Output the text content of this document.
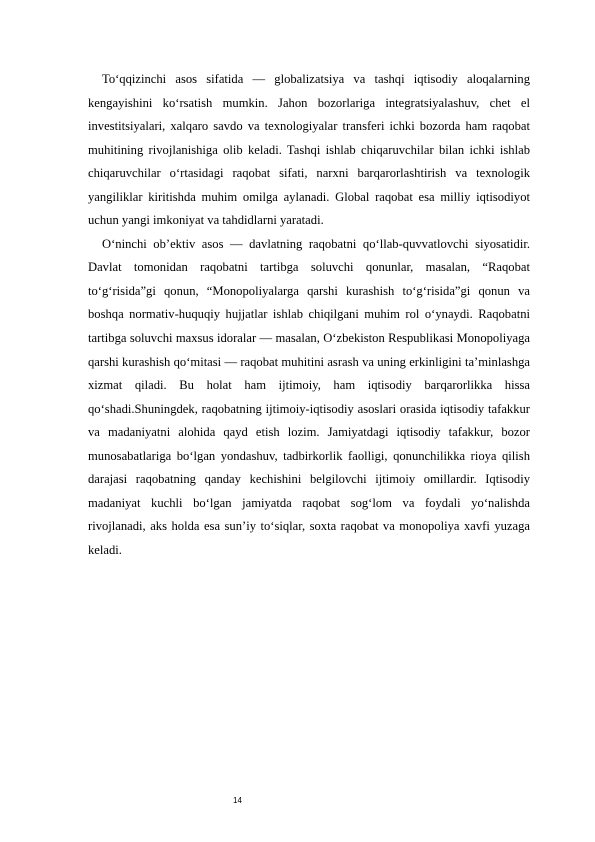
To‘qqizinchi asos sifatida — globalizatsiya va tashqi iqtisodiy aloqalarning kengayishini ko‘rsatish mumkin. Jahon bozorlariga integratsiyalashuv, chet el investitsiyalari, xalqaro savdo va texnologiyalar transferi ichki bozorda ham raqobat muhitining rivojlanishiga olib keladi. Tashqi ishlab chiqaruvchilar bilan ichki ishlab chiqaruvchilar o‘rtasidagi raqobat sifati, narxni barqarorlashtirish va texnologik yangiliklar kiritishda muhim omilga aylanadi. Global raqobat esa milliy iqtisodiyot uchun yangi imkoniyat va tahdidlarni yaratadi.

O‘ninchi ob’ektiv asos — davlatning raqobatni qo‘llab-quvvatlovchi siyosatidir. Davlat tomonidan raqobatni tartibga soluvchi qonunlar, masalan, “Raqobat to‘g‘risida”gi qonun, “Monopoliyalarga qarshi kurashish to‘g‘risida”gi qonun va boshqa normativ-huquqiy hujjatlar ishlab chiqilgani muhim rol o‘ynaydi. Raqobatni tartibga soluvchi maxsus idoralar — masalan, O‘zbekiston Respublikasi Monopoliyaga qarshi kurashish qo‘mitasi — raqobat muhitini asrash va uning erkinligini ta’minlashga xizmat qiladi. Bu holat ham ijtimoiy, ham iqtisodiy barqarorlikka hissa qo‘shadi.Shuningdek, raqobatning ijtimoiy-iqtisodiy asoslari orasida iqtisodiy tafakkur va madaniyatni alohida qayd etish lozim. Jamiyatdagi iqtisodiy tafakkur, bozor munosabatlariga bo‘lgan yondashuv, tadbirkorlik faolligi, qonunchilikka rioya qilish darajasi raqobatning qanday kechishini belgilovchi ijtimoiy omillardir. Iqtisodiy madaniyat kuchli bo‘lgan jamiyatda raqobat sog‘lom va foydali yo‘nalishda rivojlanadi, aks holda esa sun’iy to‘siqlar, soxta raqobat va monopoliya xavfi yuzaga keladi.

14
